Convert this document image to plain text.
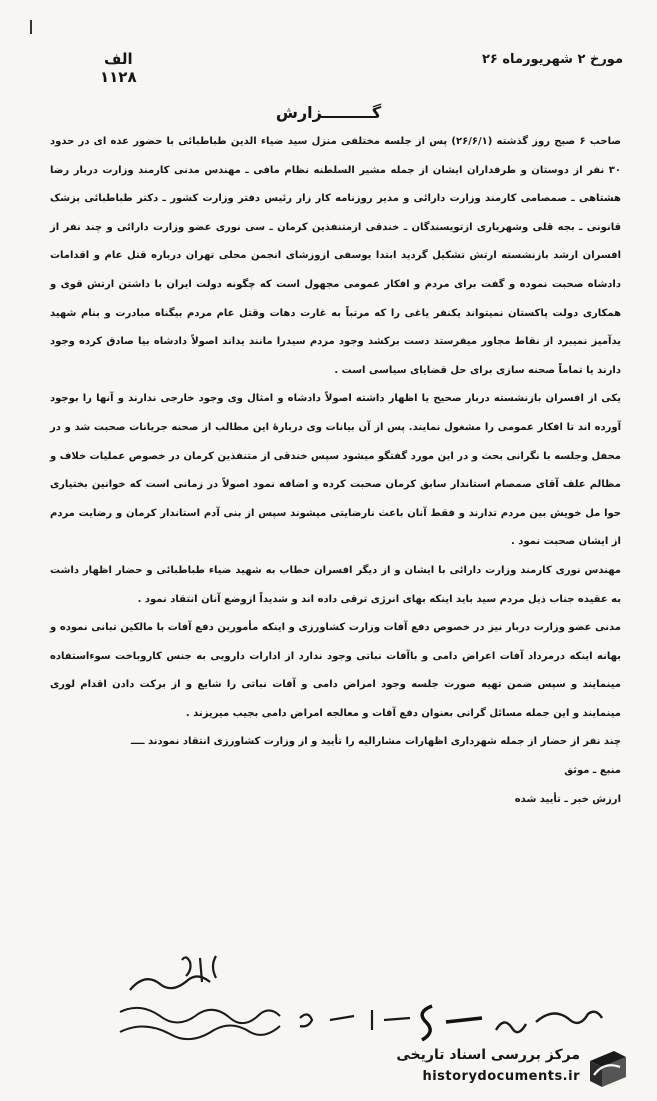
مورخ ۲ شهریورماه ۲۶
الف
۱۱۲۸
گـــــــــزارش

صاحب ۶ صبح روز گذشته (۲۶/۶/۱) پس از جلسه مختلفی منزل سید ضیاء الدین طباطبائی با حضور عده ای در حدود ۳۰ نفر از دوستان و طرفداران ایشان از جمله مشیر السلطنه نظام مافی ـ مهندس مدنی کارمند وزارت دربار رضا هشتاهی ـ صمصامی کارمند وزارت دارائی و مدیر روزنامه کار زار رئیس دفتر وزارت کشور ـ دکتر طباطبائی پزشک قانونی ـ بجه قلی وشهریاری ازتویسندگان ـ خندقی ازمتنفذین کرمان ـ سی نوری عضو وزارت دارائی و چند نفر از افسران ارشد بازنشسته ارتش تشکیل گردید ابتدا یوسفی ازوزشای انجمن محلی تهران درباره قتل عام و اقدامات دادشاه صحبت نموده و گفت برای مردم و افکار عمومی مجهول است که چگونه دولت ایران با داشتن ارتش قوی و همکاری دولت پاکستان نمیتواند یکنفر یاغی را که مرتباً به غارت دهات وقتل عام مردم بیگناه مبادرت و بنام شهید یدآمیز نمیبرد از نقاط مجاور میفرستد دست برکشد وجود مردم سیدرا مانند یداند اصولاً دادشاه بیا صادق کرده وجود دارند یا تماماً صحنه سازی برای حل قضایای سیاسی است .

یکی از افسران بازنشسته دربار صحیح یا اظهار داشته اصولاً دادشاه و امثال وی وجود خارجی ندارند و آنها را بوجود آورده اند تا افکار عمومی را مشغول نمایند. پس از آن بیانات وی دربارهٔ این مطالب از صحنه جریانات صحبت شد و در محفل وجلسه با نگرانی بحث و در این مورد گفتگو میشود سپس خندقی از متنفذین کرمان در خصوص عملیات خلاف و مظالم علف آقای صمصام استاندار سابق کرمان صحبت کرده و اضافه نمود اصولاً در زمانی است که خوانین بختیاری حوا مل خویش بین مردم تدارند و فقط آنان باعث نارضایتی میشوند سپس از بنی آدم استاندار کرمان و رضایت مردم از ایشان صحبت نمود .

مهندس نوری کارمند وزارت دارائی با ایشان و از دیگر افسران خطاب به شهید ضیاء طباطبائی و حضار اظهار داشت به عقیده جناب ذیل مردم سید باید اینکه بهای انرژی ترقی داده اند و شدیداً ازوضع آنان انتقاد نمود .

مدنی عضو وزارت دربار نیز در خصوص دفع آفات وزارت کشاورزی و اینکه مأمورین دفع آفات با مالکین تبانی نموده و بهانه اینکه درمرداد آفات اعراض دامی و باآفات نباتی وجود ندارد از ادارات دارویی به جنس کاروباخت سوءاستفاده مینمایند و سپس ضمن تهیه صورت جلسه وجود امراض دامی و آفات نباتی را شایع و از برکت دادن اقدام لوری مینمایند و این جمله مسائل گرانی بعنوان دفع آفات و معالجه امراض دامی بجیب میریزند .

چند نفر از حضار از جمله شهرداری اظهارات مشارالیه را تأیید و از وزارت کشاورزی انتقاد نمودند ــــ

منبع ـ موثق

ارزش خبر ـ تأیید شده

مرکز بررسی اسناد تاریخی
historydocuments.ir
